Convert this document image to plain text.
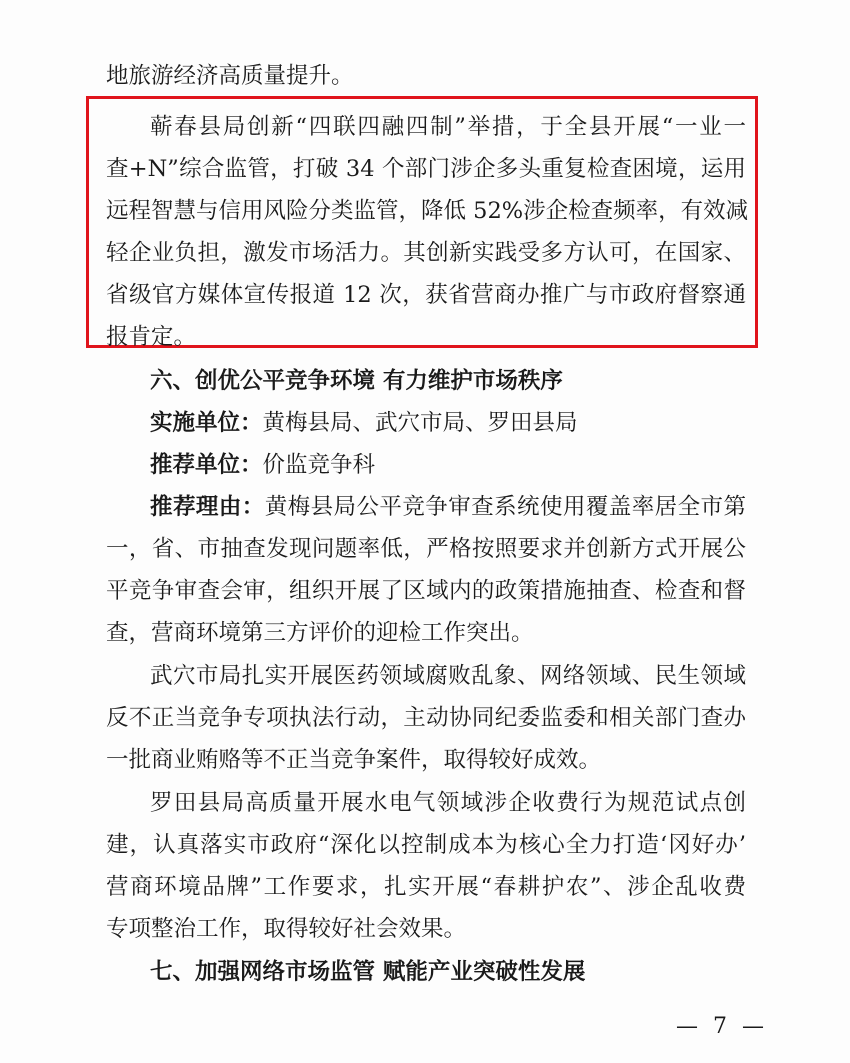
地旅游经济高质量提升。
蕲春县局创新“四联四融四制”举措，于全县开展“一业一
查+N”综合监管，打破 34 个部门涉企多头重复检查困境，运用
远程智慧与信用风险分类监管，降低 52%涉企检查频率，有效减
轻企业负担，激发市场活力。其创新实践受多方认可，在国家、
省级官方媒体宣传报道 12 次，获省营商办推广与市政府督察通
报肯定。
六、创优公平竞争环境 有力维护市场秩序
实施单位：黄梅县局、武穴市局、罗田县局
推荐单位：价监竞争科
推荐理由：黄梅县局公平竞争审查系统使用覆盖率居全市第
一，省、市抽查发现问题率低，严格按照要求并创新方式开展公
平竞争审查会审，组织开展了区域内的政策措施抽查、检查和督
查，营商环境第三方评价的迎检工作突出。
武穴市局扎实开展医药领域腐败乱象、网络领域、民生领域
反不正当竞争专项执法行动，主动协同纪委监委和相关部门查办
一批商业贿赂等不正当竞争案件，取得较好成效。
罗田县局高质量开展水电气领域涉企收费行为规范试点创
建，认真落实市政府“深化以控制成本为核心全力打造‘冈好办’
营商环境品牌”工作要求，扎实开展“春耕护农”、涉企乱收费
专项整治工作，取得较好社会效果。
七、加强网络市场监管 赋能产业突破性发展
— 7 —
